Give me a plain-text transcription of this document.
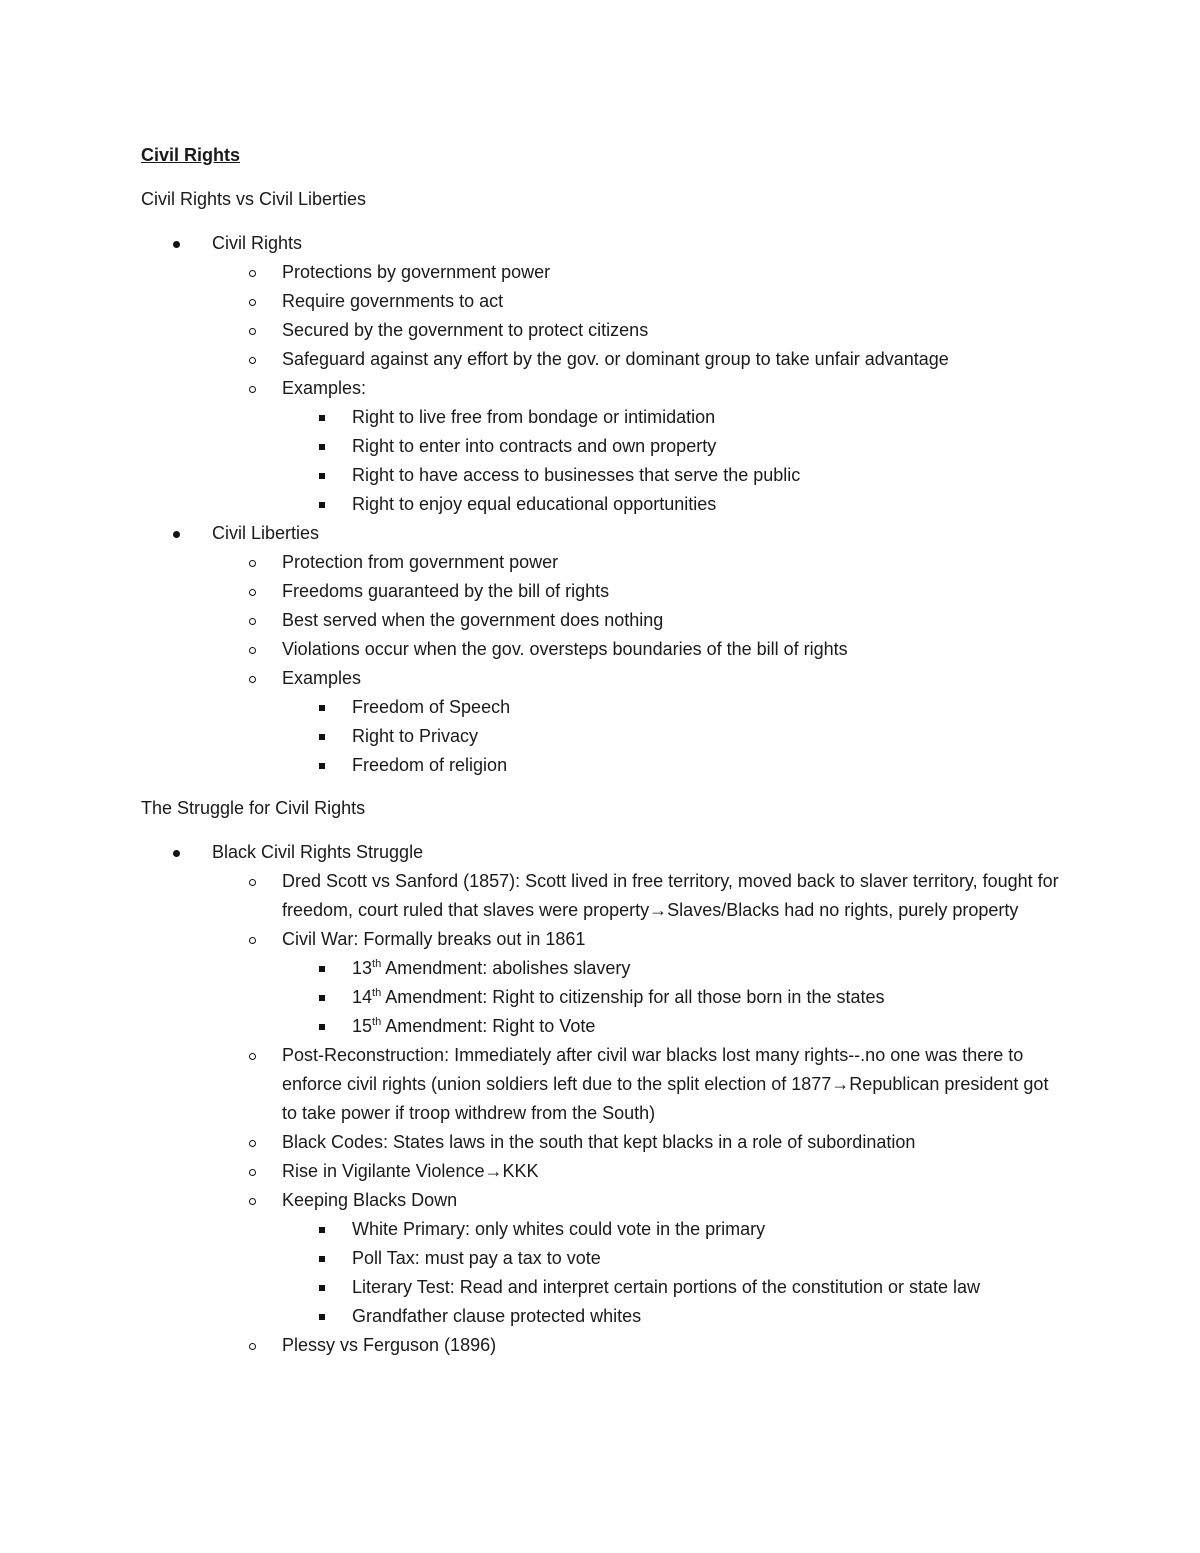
Civil Rights
Civil Rights vs Civil Liberties
Civil Rights
Protections by government power
Require governments to act
Secured by the government to protect citizens
Safeguard against any effort by the gov. or dominant group to take unfair advantage
Examples:
Right to live free from bondage or intimidation
Right to enter into contracts and own property
Right to have access to businesses that serve the public
Right to enjoy equal educational opportunities
Civil Liberties
Protection from government power
Freedoms guaranteed by the bill of rights
Best served when the government does nothing
Violations occur when the gov. oversteps boundaries of the bill of rights
Examples
Freedom of Speech
Right to Privacy
Freedom of religion
The Struggle for Civil Rights
Black Civil Rights Struggle
Dred Scott vs Sanford (1857): Scott lived in free territory, moved back to slaver territory, fought for freedom, court ruled that slaves were property→Slaves/Blacks had no rights, purely property
Civil War: Formally breaks out in 1861
13th Amendment: abolishes slavery
14th Amendment: Right to citizenship for all those born in the states
15th Amendment: Right to Vote
Post-Reconstruction: Immediately after civil war blacks lost many rights--.no one was there to enforce civil rights (union soldiers left due to the split election of 1877→Republican president got to take power if troop withdrew from the South)
Black Codes: States laws in the south that kept blacks in a role of subordination
Rise in Vigilante Violence→KKK
Keeping Blacks Down
White Primary: only whites could vote in the primary
Poll Tax: must pay a tax to vote
Literary Test: Read and interpret certain portions of the constitution or state law
Grandfather clause protected whites
Plessy vs Ferguson (1896)
